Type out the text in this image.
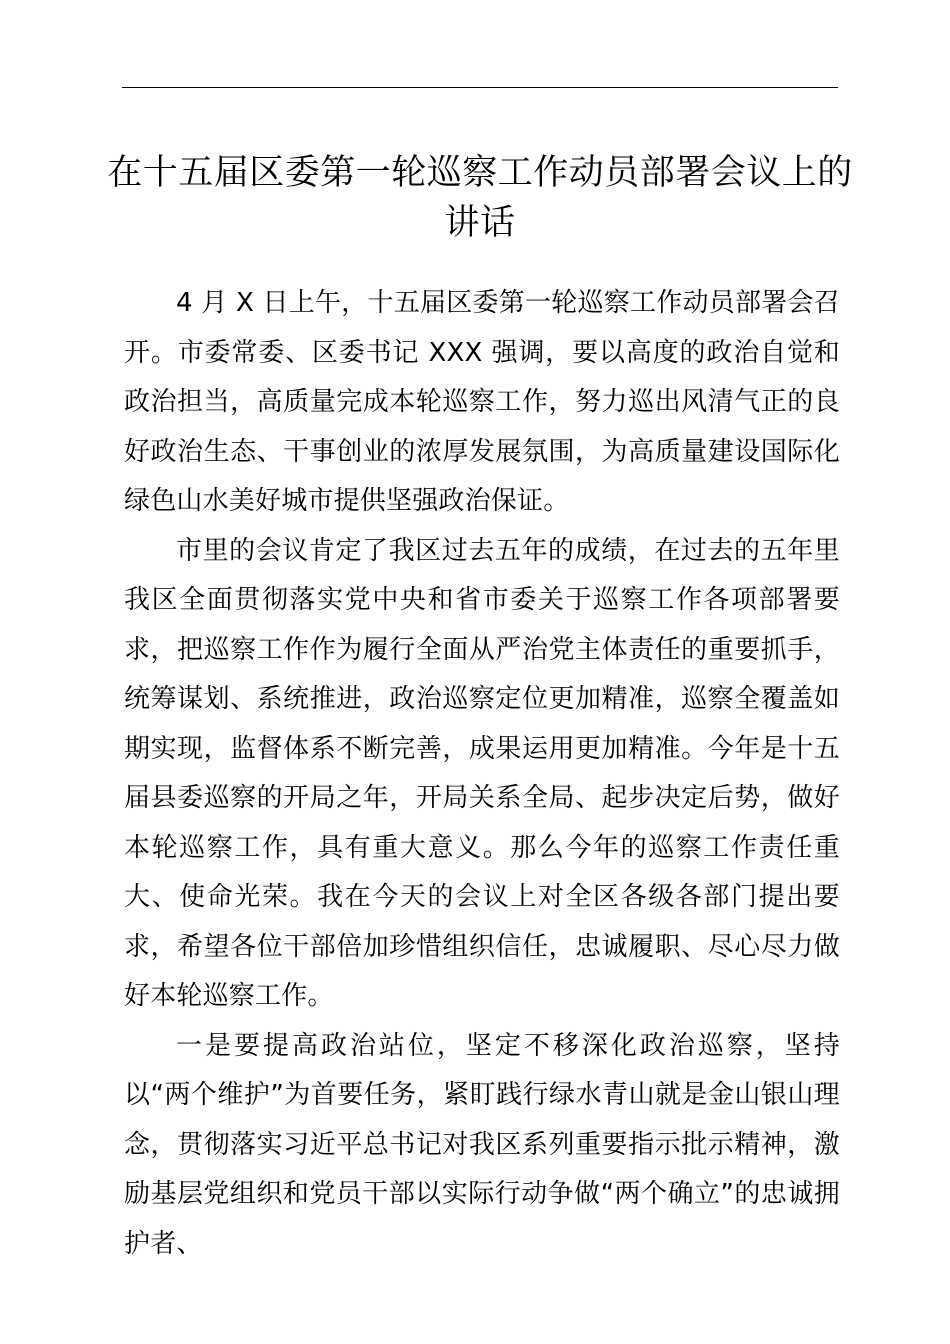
在十五届区委第一轮巡察工作动员部署会议上的讲话

4 月 X 日上午，十五届区委第一轮巡察工作动员部署会召开。市委常委、区委书记 XXX 强调，要以高度的政治自觉和政治担当，高质量完成本轮巡察工作，努力巡出风清气正的良好政治生态、干事创业的浓厚发展氛围，为高质量建设国际化绿色山水美好城市提供坚强政治保证。

市里的会议肯定了我区过去五年的成绩，在过去的五年里我区全面贯彻落实党中央和省市委关于巡察工作各项部署要求，把巡察工作作为履行全面从严治党主体责任的重要抓手，统筹谋划、系统推进，政治巡察定位更加精准，巡察全覆盖如期实现，监督体系不断完善，成果运用更加精准。今年是十五届县委巡察的开局之年，开局关系全局、起步决定后势，做好本轮巡察工作，具有重大意义。那么今年的巡察工作责任重大、使命光荣。我在今天的会议上对全区各级各部门提出要求，希望各位干部倍加珍惜组织信任，忠诚履职、尽心尽力做好本轮巡察工作。

一是要提高政治站位，坚定不移深化政治巡察，坚持以“两个维护”为首要任务，紧盯践行绿水青山就是金山银山理念，贯彻落实习近平总书记对我区系列重要指示批示精神，激励基层党组织和党员干部以实际行动争做“两个确立”的忠诚拥护者、
